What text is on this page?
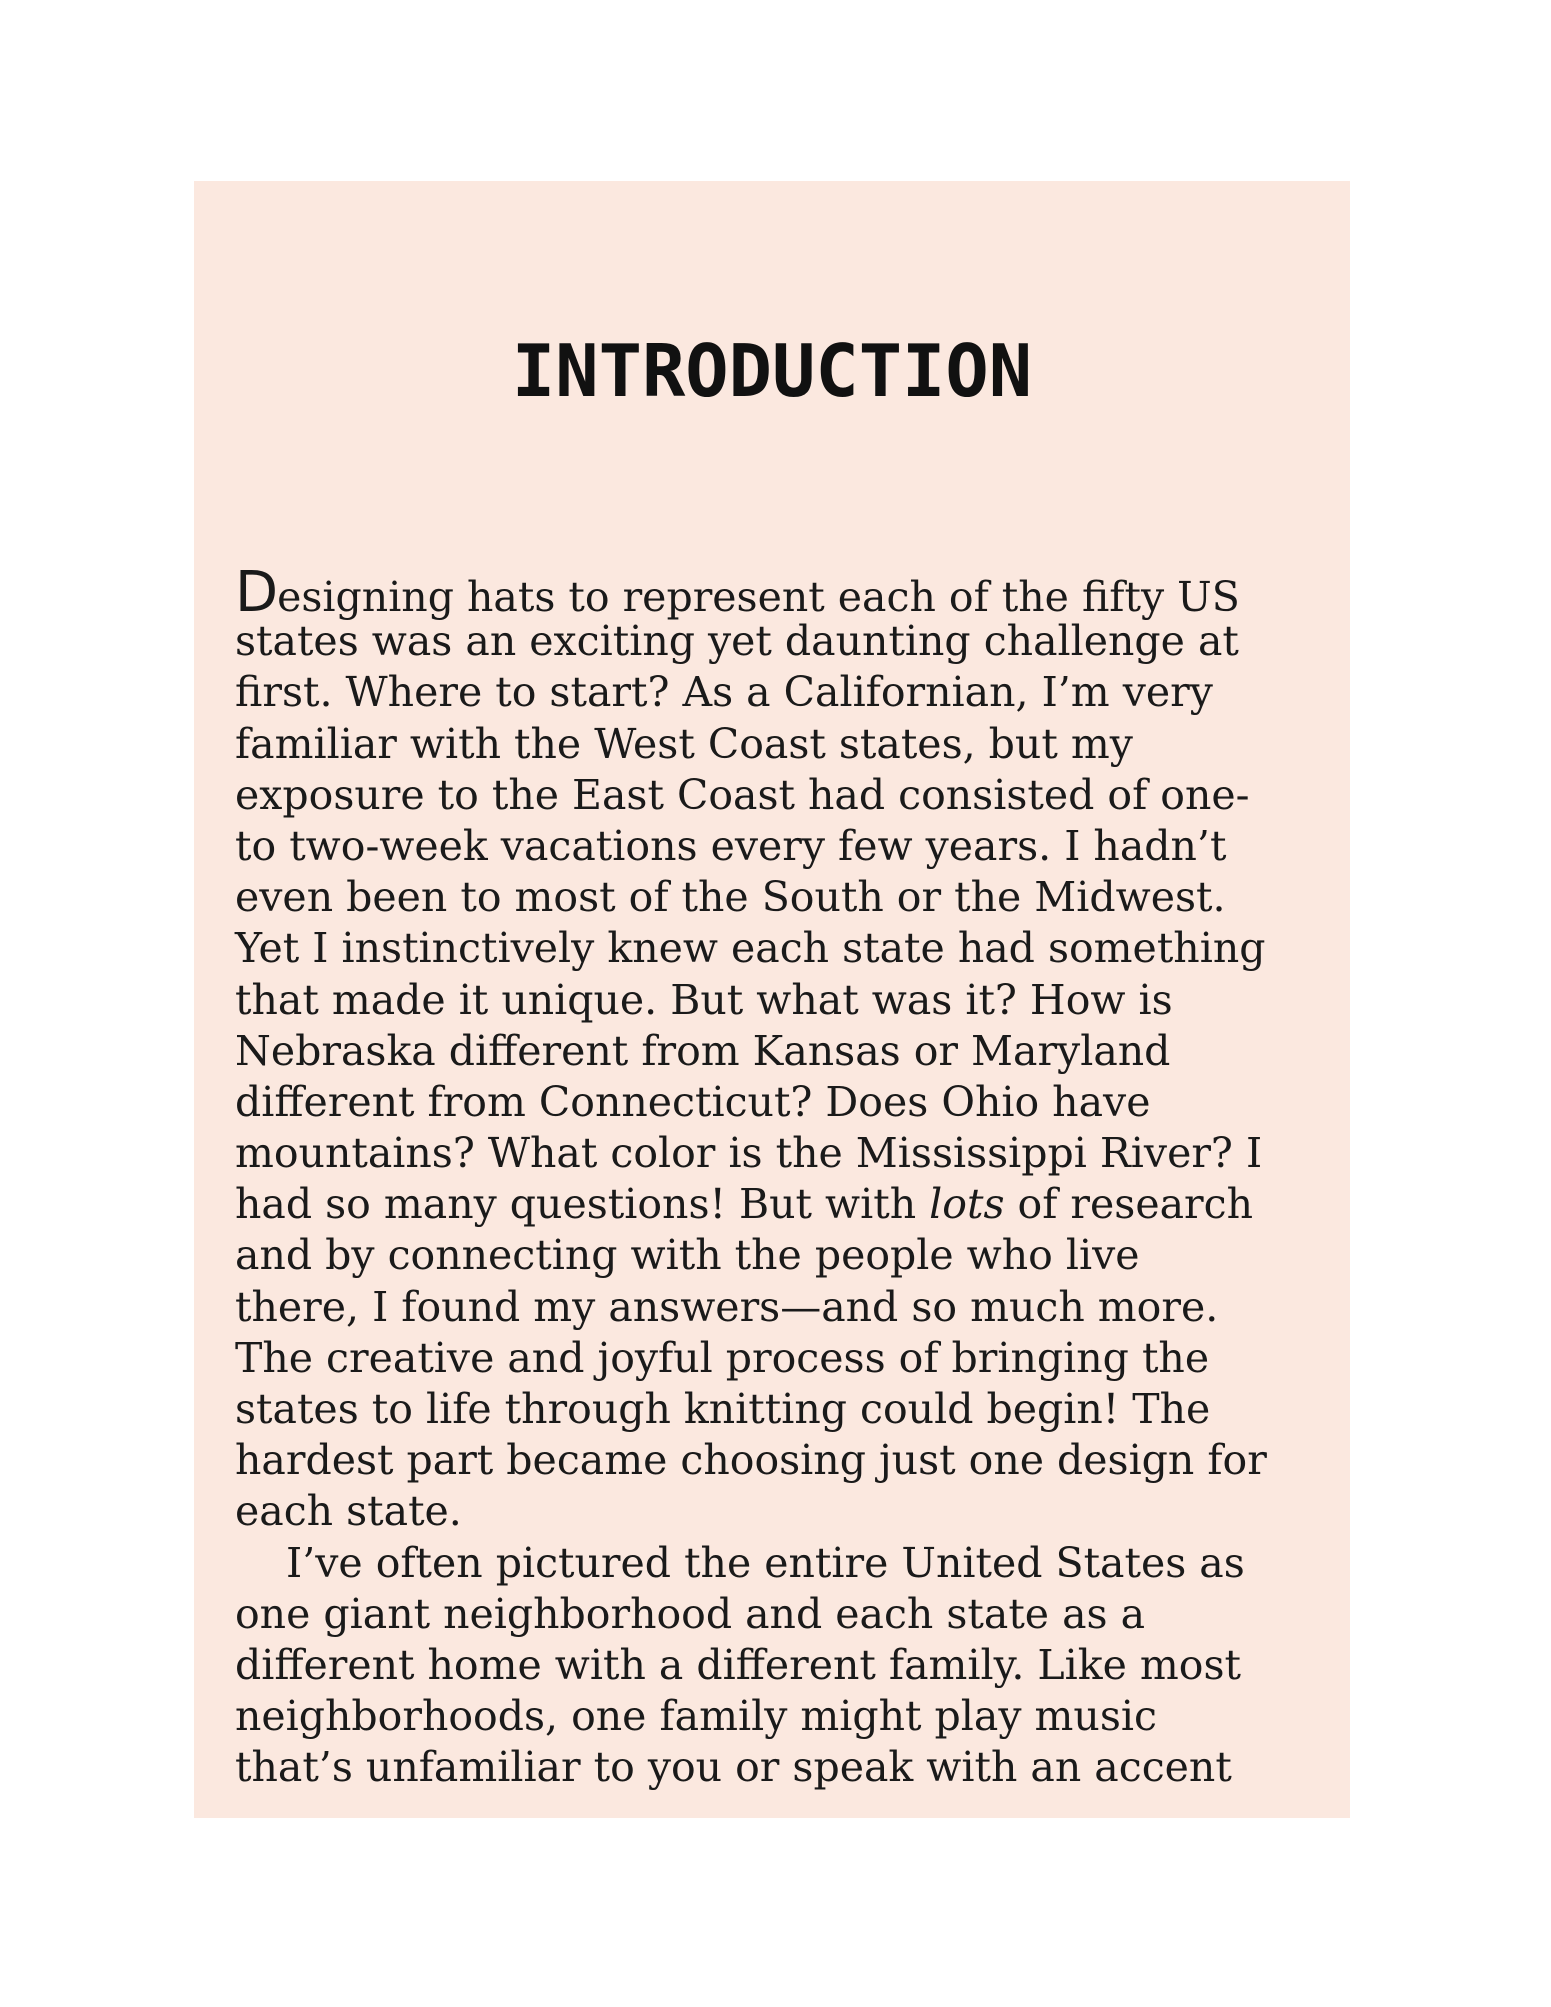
INTRODUCTION
Designing hats to represent each of the fifty US
states was an exciting yet daunting challenge at
first. Where to start? As a Californian, I’m very
familiar with the West Coast states, but my
exposure to the East Coast had consisted of one-
to two-week vacations every few years. I hadn’t
even been to most of the South or the Midwest.
Yet I instinctively knew each state had something
that made it unique. But what was it? How is
Nebraska different from Kansas or Maryland
different from Connecticut? Does Ohio have
mountains? What color is the Mississippi River? I
had so many questions! But with lots of research
and by connecting with the people who live
there, I found my answers—and so much more.
The creative and joyful process of bringing the
states to life through knitting could begin! The
hardest part became choosing just one design for
each state.
I’ve often pictured the entire United States as
one giant neighborhood and each state as a
different home with a different family. Like most
neighborhoods, one family might play music
that’s unfamiliar to you or speak with an accent
